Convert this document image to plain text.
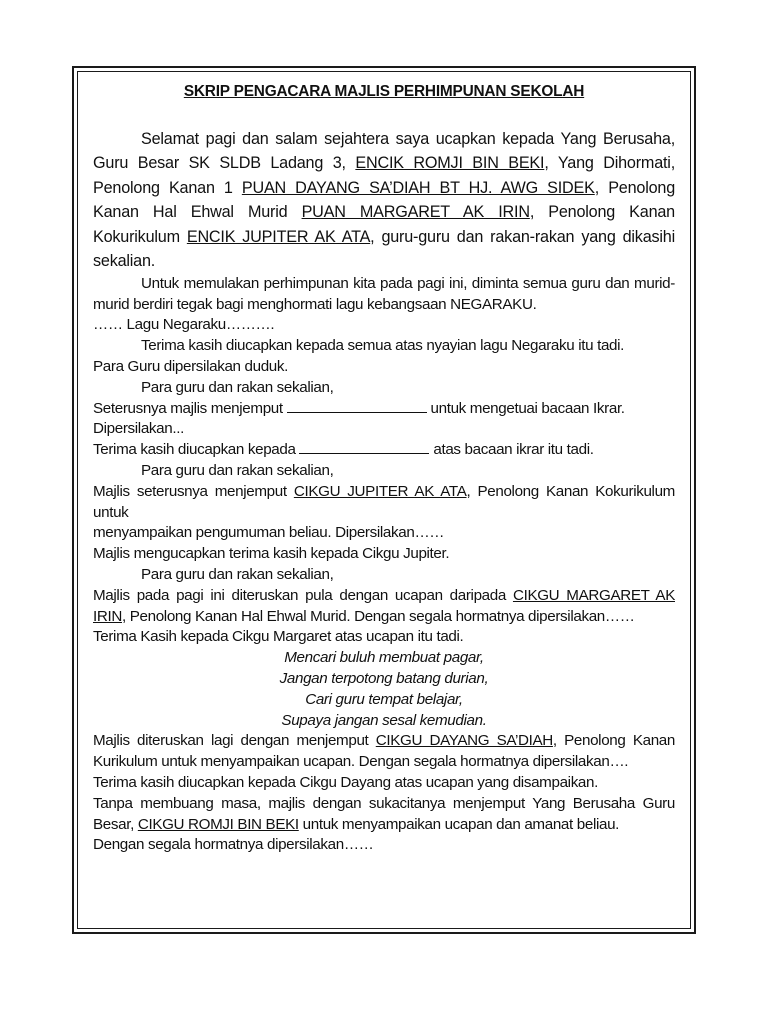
SKRIP PENGACARA MAJLIS PERHIMPUNAN SEKOLAH

Selamat pagi dan salam sejahtera saya ucapkan kepada Yang Berusaha, Guru Besar SK SLDB Ladang 3, ENCIK ROMJI BIN BEKI, Yang Dihormati, Penolong Kanan 1 PUAN DAYANG SA’DIAH BT HJ. AWG SIDEK, Penolong Kanan Hal Ehwal Murid PUAN MARGARET AK IRIN, Penolong Kanan Kokurikulum ENCIK JUPITER AK ATA, guru-guru dan rakan-rakan yang dikasihi sekalian.

Untuk memulakan perhimpunan kita pada pagi ini, diminta semua guru dan murid-murid berdiri tegak bagi menghormati lagu kebangsaan NEGARAKU.

…… Lagu Negaraku……….

Terima kasih diucapkan kepada semua atas nyayian lagu Negaraku itu tadi.

Para Guru dipersilakan duduk.

Para guru dan rakan sekalian,

Seterusnya majlis menjemput	untuk mengetuai bacaan Ikrar.

Dipersilakan...

Terima kasih diucapkan kepada	atas bacaan ikrar itu tadi.

Para guru dan rakan sekalian,

Majlis seterusnya menjemput CIKGU JUPITER AK ATA, Penolong Kanan Kokurikulum untuk

menyampaikan pengumuman beliau. Dipersilakan……

Majlis mengucapkan terima kasih kepada Cikgu Jupiter.

Para guru dan rakan sekalian,

Majlis pada pagi ini diteruskan pula dengan ucapan daripada CIKGU MARGARET AK IRIN, Penolong Kanan Hal Ehwal Murid. Dengan segala hormatnya dipersilakan……

Terima Kasih kepada Cikgu Margaret atas ucapan itu tadi.

Mencari buluh membuat pagar,

Jangan terpotong batang durian,

Cari guru tempat belajar,

Supaya jangan sesal kemudian.

Majlis diteruskan lagi dengan menjemput CIKGU DAYANG SA’DIAH, Penolong Kanan Kurikulum untuk menyampaikan ucapan. Dengan segala hormatnya dipersilakan….

Terima kasih diucapkan kepada Cikgu Dayang atas ucapan yang disampaikan.

Tanpa membuang masa, majlis dengan sukacitanya menjemput Yang Berusaha Guru Besar, CIKGU ROMJI BIN BEKI untuk menyampaikan ucapan dan amanat beliau.

Dengan segala hormatnya dipersilakan……
